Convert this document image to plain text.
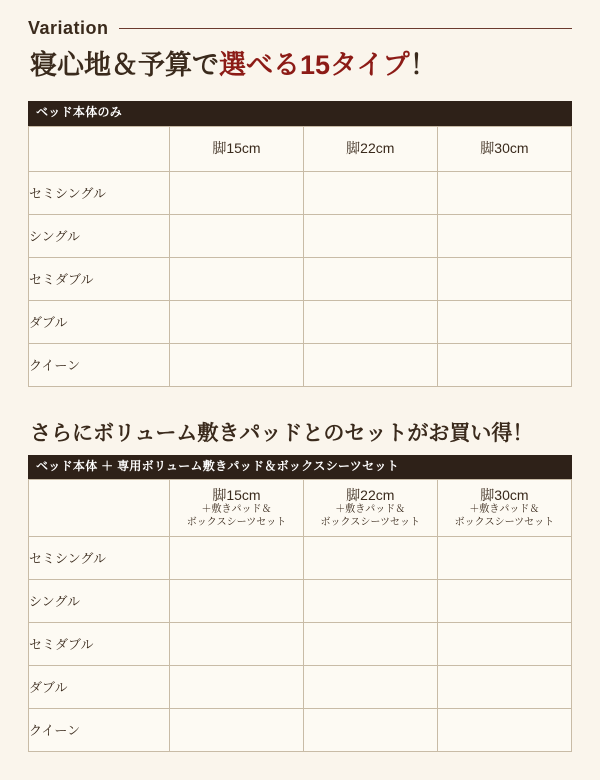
Variation
寝心地＆予算で選べる15タイプ！
ベッド本体のみ

	脚15cm	脚22cm	脚30cm

セミシングル			
シングル			
セミダブル			
ダブル			
クイーン			
さらにボリューム敷きパッドとのセットがお買い得！
ベッド本体 ＋ 専用ボリューム敷きパッド＆ボックスシーツセット

	脚15cm
＋敷きパッド＆
ボックスシーツセット	脚22cm
＋敷きパッド＆
ボックスシーツセット	脚30cm
＋敷きパッド＆
ボックスシーツセット

セミシングル			
シングル			
セミダブル			
ダブル			
クイーン			
